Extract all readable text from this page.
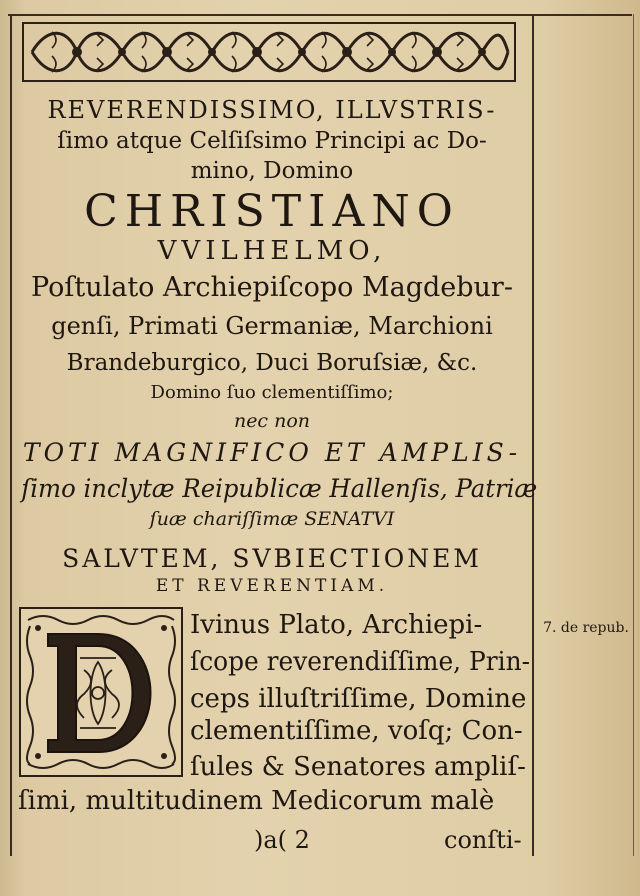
REVERENDISSIMO, ILLVSTRIS-
ſimo atque Celſiſsimo Principi ac Do-
mino, Domino
CHRISTIANO
VVILHELMO,
Poſtulato Archiepiſcopo Magdebur-
genſi, Primati Germaniæ, Marchioni
Brandeburgico, Duci Boruſsiæ, &c.
Domino ſuo clementiſſimo;
nec non
TOTI MAGNIFICO ET AMPLIS-
ſimo inclytæ Reipublicæ Hallenſis, Patriæ
ſuæ chariſſimæ SENATVI
SALVTEM, SVBIECTIONEM
ET REVERENTIAM.
Ivinus Plato, Archiepi-
ſcope reverendiſſime, Prin-
ceps illuſtriſſime, Domine
clementiſſime, voſq; Con-
ſules & Senatores ampliſ-
ſimi, multitudinem Medicorum malè
7. de repub.
)a( 2	conſti-
